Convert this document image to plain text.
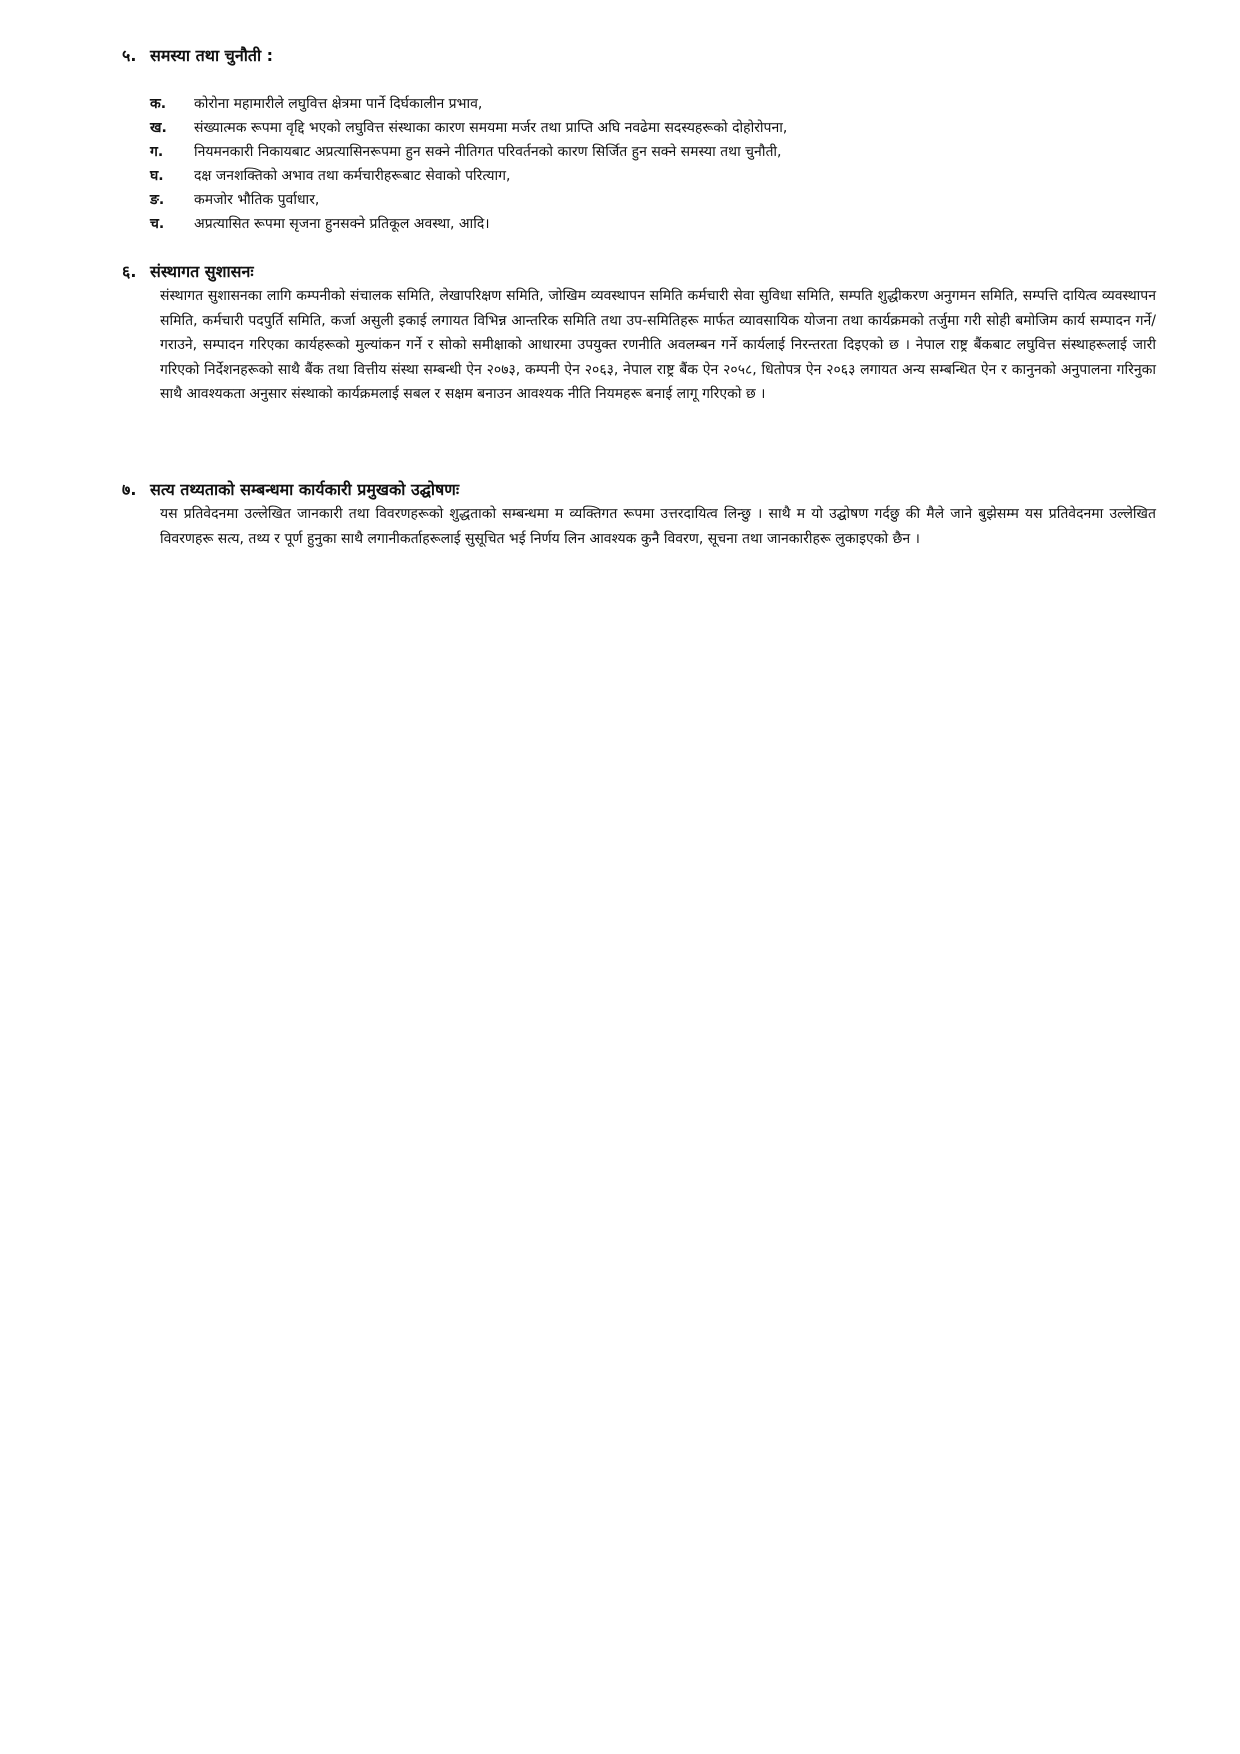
५. समस्या तथा चुनौती :
क.	कोरोना महामारीले लघुवित्त क्षेत्रमा पार्ने दिर्घकालीन प्रभाव,
ख.	संख्यात्मक रूपमा वृद्दि भएको लघुवित्त संस्थाका कारण समयमा मर्जर तथा प्राप्ति अघि नवढेमा सदस्यहरूको दोहोरोपना,
ग.	नियमनकारी निकायबाट अप्रत्यासिनरूपमा हुन सक्ने नीतिगत परिवर्तनको कारण सिर्जित हुन सक्ने समस्या तथा चुनौती,
घ.	दक्ष जनशक्तिको अभाव तथा कर्मचारीहरूबाट सेवाको परित्याग,
ङ.	कमजोर भौतिक पुर्वाधार,
च.	अप्रत्यासित रूपमा सृजना हुनसक्ने प्रतिकूल अवस्था, आदि।
६. संस्थागत सुशासनः

संस्थागत सुशासनका लागि कम्पनीको संचालक समिति, लेखापरिक्षण समिति, जोखिम व्यवस्थापन समिति कर्मचारी सेवा सुविधा समिति, सम्पति शुद्धीकरण अनुगमन समिति, सम्पत्ति दायित्व व्यवस्थापन समिति, कर्मचारी पदपुर्ति समिति, कर्जा असुली इकाई लगायत विभिन्न आन्तरिक समिति तथा उप-समितिहरू मार्फत व्यावसायिक योजना तथा कार्यक्रमको तर्जुमा गरी सोही बमोजिम कार्य सम्पादन गर्ने/गराउने, सम्पादन गरिएका कार्यहरूको मुल्यांकन गर्ने र सोको समीक्षाको आधारमा उपयुक्त रणनीति अवलम्बन गर्ने कार्यलाई निरन्तरता दिइएको छ । नेपाल राष्ट्र बैंकबाट लघुवित्त संस्थाहरूलाई जारी गरिएको निर्देशनहरूको साथै बैंक तथा वित्तीय संस्था सम्बन्धी ऐन २०७३, कम्पनी ऐन २०६३, नेपाल राष्ट्र बैंक ऐन २०५८, धितोपत्र ऐन २०६३ लगायत अन्य सम्बन्धित ऐन र कानुनको अनुपालना गरिनुका साथै आवश्यकता अनुसार संस्थाको कार्यक्रमलाई सबल र सक्षम बनाउन आवश्यक नीति नियमहरू बनाई लागू गरिएको छ ।

७. सत्य तथ्यताको सम्बन्धमा कार्यकारी प्रमुखको उद्घोषणः

यस प्रतिवेदनमा उल्लेखित जानकारी तथा विवरणहरूको शुद्धताको सम्बन्धमा म व्यक्तिगत रूपमा उत्तरदायित्व लिन्छु । साथै म यो उद्घोषण गर्दछु की मैले जाने बुझेसम्म यस प्रतिवेदनमा उल्लेखित विवरणहरू सत्य, तथ्य र पूर्ण हुनुका साथै लगानीकर्ताहरूलाई सुसूचित भई निर्णय लिन आवश्यक कुनै विवरण, सूचना तथा जानकारीहरू लुकाइएको छैन ।
